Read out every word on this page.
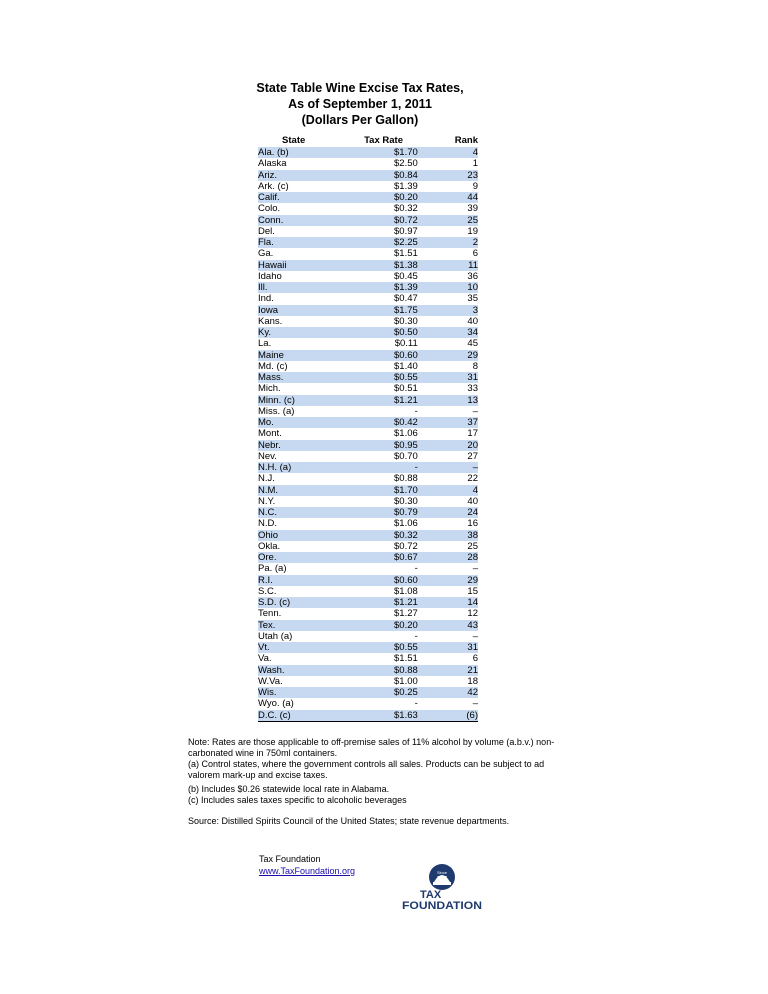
State Table Wine Excise Tax Rates,
As of September 1, 2011
(Dollars Per Gallon)
State	Tax Rate	Rank
Ala. (b)	$1.70	4
Alaska	$2.50	1
Ariz.	$0.84	23
Ark. (c)	$1.39	9
Calif.	$0.20	44
Colo.	$0.32	39
Conn.	$0.72	25
Del.	$0.97	19
Fla.	$2.25	2
Ga.	$1.51	6
Hawaii	$1.38	11
Idaho	$0.45	36
Ill.	$1.39	10
Ind.	$0.47	35
Iowa	$1.75	3
Kans.	$0.30	40
Ky.	$0.50	34
La.	$0.11	45
Maine	$0.60	29
Md. (c)	$1.40	8
Mass.	$0.55	31
Mich.	$0.51	33
Minn. (c)	$1.21	13
Miss. (a)	-	–
Mo.	$0.42	37
Mont.	$1.06	17
Nebr.	$0.95	20
Nev.	$0.70	27
N.H. (a)	-	–
N.J.	$0.88	22
N.M.	$1.70	4
N.Y.	$0.30	40
N.C.	$0.79	24
N.D.	$1.06	16
Ohio	$0.32	38
Okla.	$0.72	25
Ore.	$0.67	28
Pa. (a)	-	–
R.I.	$0.60	29
S.C.	$1.08	15
S.D. (c)	$1.21	14
Tenn.	$1.27	12
Tex.	$0.20	43
Utah (a)	-	–
Vt.	$0.55	31
Va.	$1.51	6
Wash.	$0.88	21
W.Va.	$1.00	18
Wis.	$0.25	42
Wyo. (a)	-	–
D.C. (c)	$1.63	(6)

Note: Rates are those applicable to off-premise sales of 11% alcohol by volume (a.b.v.) non-carbonated wine in 750ml containers.

(a) Control states, where the government controls all sales. Products can be subject to ad valorem mark-up and excise taxes.

(b) Includes $0.26 statewide local rate in Alabama.

(c) Includes sales taxes specific to alcoholic beverages

Source: Distilled Spirits Council of the United States; state revenue departments.

Tax Foundation
www.TaxFoundation.org	Since
1937
TAX
FOUNDATION
